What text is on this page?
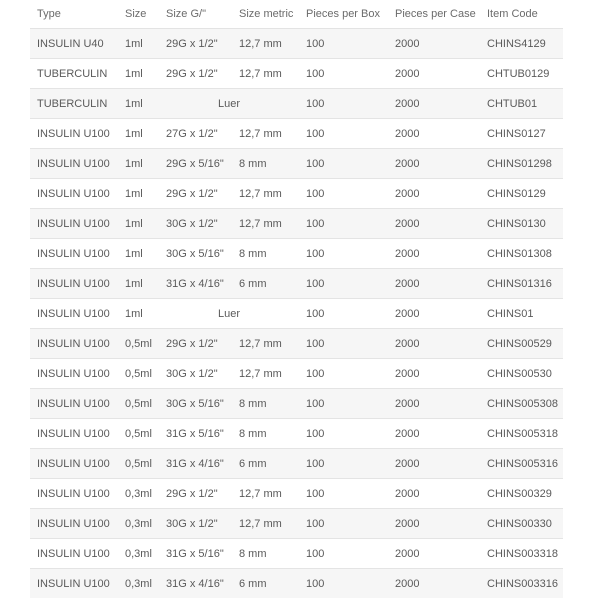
Type	Size	Size G/"	Size metric	Pieces per Box	Pieces per Case	Item Code
INSULIN U40	1ml	29G x 1/2"	12,7 mm	100	2000	CHINS4129
TUBERCULIN	1ml	29G x 1/2"	12,7 mm	100	2000	CHTUB0129
TUBERCULIN	1ml	Luer		100	2000	CHTUB01
INSULIN U100	1ml	27G x 1/2"	12,7 mm	100	2000	CHINS0127
INSULIN U100	1ml	29G x 5/16"	8 mm	100	2000	CHINS01298
INSULIN U100	1ml	29G x 1/2"	12,7 mm	100	2000	CHINS0129
INSULIN U100	1ml	30G x 1/2"	12,7 mm	100	2000	CHINS0130
INSULIN U100	1ml	30G x 5/16"	8 mm	100	2000	CHINS01308
INSULIN U100	1ml	31G x 4/16"	6 mm	100	2000	CHINS01316
INSULIN U100	1ml	Luer		100	2000	CHINS01
INSULIN U100	0,5ml	29G x 1/2"	12,7 mm	100	2000	CHINS00529
INSULIN U100	0,5ml	30G x 1/2"	12,7 mm	100	2000	CHINS00530
INSULIN U100	0,5ml	30G x 5/16"	8 mm	100	2000	CHINS005308
INSULIN U100	0,5ml	31G x 5/16"	8 mm	100	2000	CHINS005318
INSULIN U100	0,5ml	31G x 4/16"	6 mm	100	2000	CHINS005316
INSULIN U100	0,3ml	29G x 1/2"	12,7 mm	100	2000	CHINS00329
INSULIN U100	0,3ml	30G x 1/2"	12,7 mm	100	2000	CHINS00330
INSULIN U100	0,3ml	31G x 5/16"	8 mm	100	2000	CHINS003318
INSULIN U100	0,3ml	31G x 4/16"	6 mm	100	2000	CHINS003316
